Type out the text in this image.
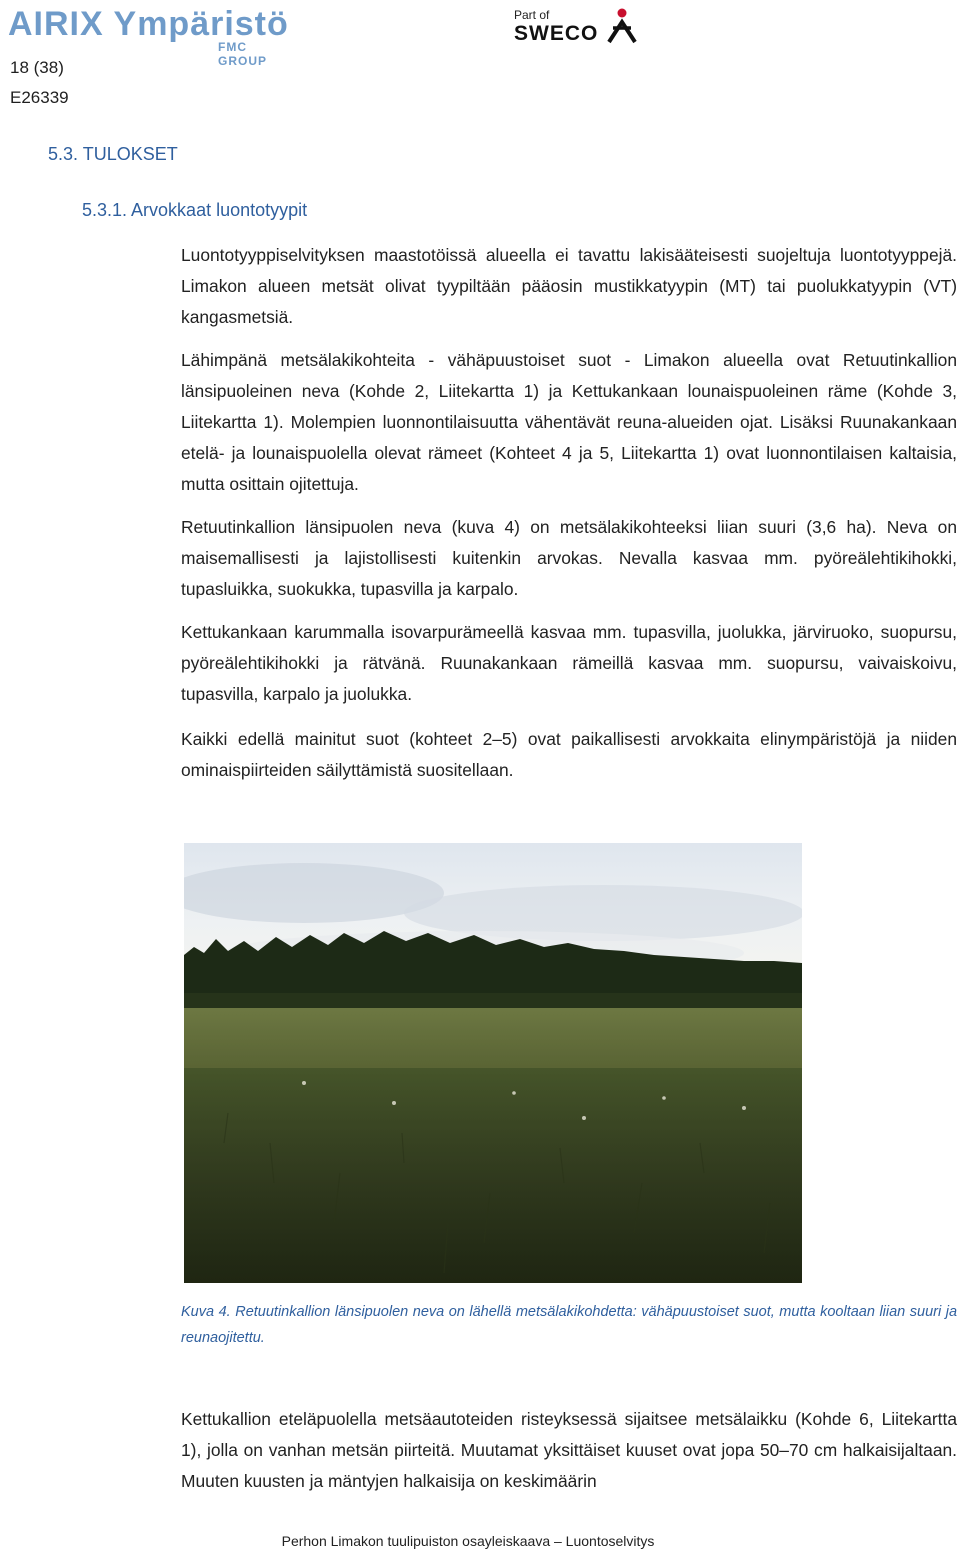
AIRIX Ympäristö
FMC GROUP
Part of
SWECO
18 (38)
E26339
5.3. TULOKSET
5.3.1. Arvokkaat luontotyypit

Luontotyyppiselvityksen maastotöissä alueella ei tavattu lakisääteisesti suojeltuja luontotyyppejä. Limakon alueen metsät olivat tyypiltään pääosin mustikkatyypin (MT) tai puolukkatyypin (VT) kangasmetsiä.

Lähimpänä metsälakikohteita - vähäpuustoiset suot - Limakon alueella ovat Retuutinkallion länsipuoleinen neva (Kohde 2, Liitekartta 1) ja Kettukankaan lounaispuoleinen räme (Kohde 3, Liitekartta 1). Molempien luonnontilaisuutta vähentävät reuna-alueiden ojat. Lisäksi Ruunakankaan etelä- ja lounaispuolella olevat rämeet (Kohteet 4 ja 5, Liitekartta 1) ovat luonnontilaisen kaltaisia, mutta osittain ojitettuja.

Retuutinkallion länsipuolen neva (kuva 4) on metsälakikohteeksi liian suuri (3,6 ha). Neva on maisemallisesti ja lajistollisesti kuitenkin arvokas. Nevalla kasvaa mm. pyöreälehtikihokki, tupasluikka, suokukka, tupasvilla ja karpalo.

Kettukankaan karummalla isovarpurämeellä kasvaa mm. tupasvilla, juolukka, järviruoko, suopursu, pyöreälehtikihokki ja rätvänä. Ruunakankaan rämeillä kasvaa mm. suopursu, vaivaiskoivu, tupasvilla, karpalo ja juolukka.

Kaikki edellä mainitut suot (kohteet 2–5) ovat paikallisesti arvokkaita elinympäristöjä ja niiden ominaispiirteiden säilyttämistä suositellaan.

Kuva 4. Retuutinkallion länsipuolen neva on lähellä metsälakikohdetta: vähäpuustoiset suot, mutta kooltaan liian suuri ja reunaojitettu.

Kettukallion eteläpuolella metsäautoteiden risteyksessä sijaitsee metsälaikku (Kohde 6, Liitekartta 1), jolla on vanhan metsän piirteitä. Muutamat yksittäiset kuuset ovat jopa 50–70 cm halkaisijaltaan. Muuten kuusten ja mäntyjen halkaisija on keskimäärin

Perhon Limakon tuulipuiston osayleiskaava – Luontoselvitys
